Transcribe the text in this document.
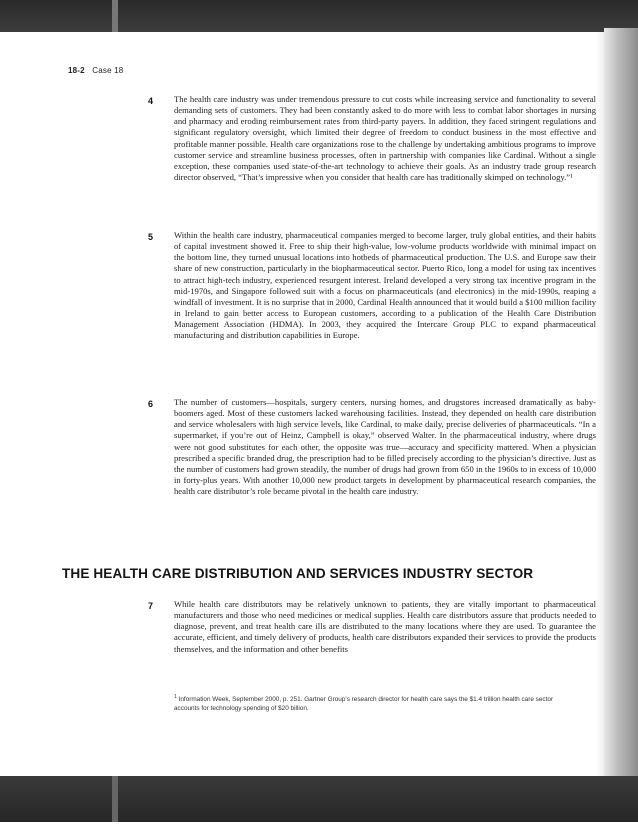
18-2 Case 18
4 The health care industry was under tremendous pressure to cut costs while increasing service and functionality to several demanding sets of customers. They had been constantly asked to do more with less to combat labor shortages in nursing and pharmacy and eroding reimbursement rates from third-party payers. In addition, they faced stringent regulations and significant regulatory oversight, which limited their degree of freedom to conduct business in the most effective and profitable manner possible. Health care organizations rose to the challenge by undertaking ambitious programs to improve customer service and streamline business processes, often in partnership with companies like Cardinal. Without a single exception, these companies used state-of-the-art technology to achieve their goals. As an industry trade group research director observed, “That’s impressive when you consider that health care has traditionally skimped on technology.”¹
5 Within the health care industry, pharmaceutical companies merged to become larger, truly global entities, and their habits of capital investment showed it. Free to ship their high-value, low-volume products worldwide with minimal impact on the bottom line, they turned unusual locations into hotbeds of pharmaceutical production. The U.S. and Europe saw their share of new construction, particularly in the biopharmaceutical sector. Puerto Rico, long a model for using tax incentives to attract high-tech industry, experienced resurgent interest. Ireland developed a very strong tax incentive program in the mid-1970s, and Singapore followed suit with a focus on pharmaceuticals (and electronics) in the mid-1990s, reaping a windfall of investment. It is no surprise that in 2000, Cardinal Health announced that it would build a $100 million facility in Ireland to gain better access to European customers, according to a publication of the Health Care Distribution Management Association (HDMA). In 2003, they acquired the Intercare Group PLC to expand pharmaceutical manufacturing and distribution capabilities in Europe.
6 The number of customers—hospitals, surgery centers, nursing homes, and drugstores increased dramatically as baby-boomers aged. Most of these customers lacked warehousing facilities. Instead, they depended on health care distribution and service wholesalers with high service levels, like Cardinal, to make daily, precise deliveries of pharmaceuticals. “In a supermarket, if you’re out of Heinz, Campbell is okay,” observed Walter. In the pharmaceutical industry, where drugs were not good substitutes for each other, the opposite was true—accuracy and specificity mattered. When a physician prescribed a specific branded drug, the prescription had to be filled precisely according to the physician’s directive. Just as the number of customers had grown steadily, the number of drugs had grown from 650 in the 1960s to in excess of 10,000 in forty-plus years. With another 10,000 new product targets in development by pharmaceutical research companies, the health care distributor’s role became pivotal in the health care industry.
THE HEALTH CARE DISTRIBUTION AND SERVICES INDUSTRY SECTOR
7 While health care distributors may be relatively unknown to patients, they are vitally important to pharmaceutical manufacturers and those who need medicines or medical supplies. Health care distributors assure that products needed to diagnose, prevent, and treat health care ills are distributed to the many locations where they are used. To guarantee the accurate, efficient, and timely delivery of products, health care distributors expanded their services to provide the products themselves, and the information and other benefits
$^1$ Information Week, September 2000, p. 251. Gartner Group’s research director for health care says the $1.4 trillion health care sector accounts for technology spending of $20 billion.
